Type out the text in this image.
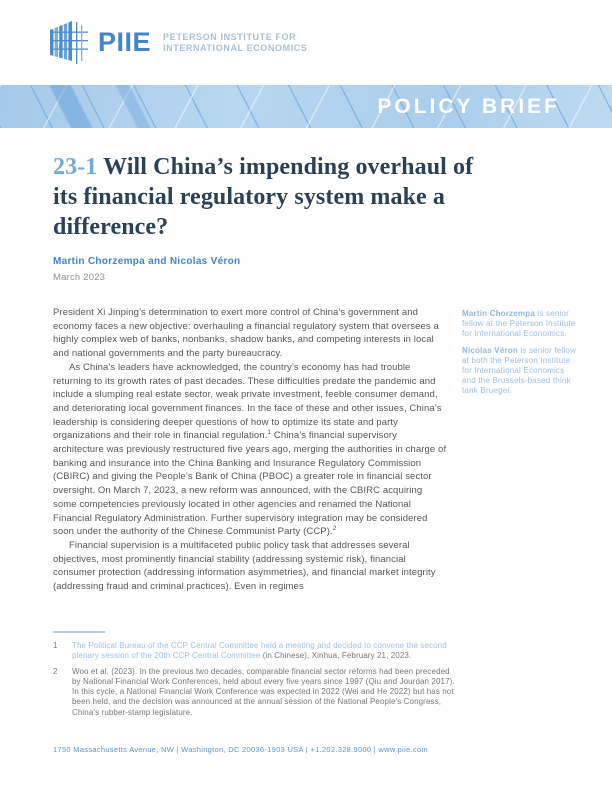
PIIE PETERSON INSTITUTE FOR
INTERNATIONAL ECONOMICS
POLICY BRIEF
23-1 Will China’s impending overhaul of its financial regulatory system make a difference?
Martin Chorzempa and Nicolas Véron
March 2023

President Xi Jinping’s determination to exert more control of China’s government and economy faces a new objective: overhauling a financial regulatory system that oversees a highly complex web of banks, nonbanks, shadow banks, and competing interests in local and national governments and the party bureaucracy.

As China’s leaders have acknowledged, the country’s economy has had trouble returning to its growth rates of past decades. These difficulties predate the pandemic and include a slumping real estate sector, weak private investment, feeble consumer demand, and deteriorating local government finances. In the face of these and other issues, China’s leadership is considering deeper questions of how to optimize its state and party organizations and their role in financial regulation.$^1$ China’s financial supervisory architecture was previously restructured five years ago, merging the authorities in charge of banking and insurance into the China Banking and Insurance Regulatory Commission (CBIRC) and giving the People’s Bank of China (PBOC) a greater role in financial sector oversight. On March 7, 2023, a new reform was announced, with the CBIRC acquiring some competencies previously located in other agencies and renamed the National Financial Regulatory Administration. Further supervisory integration may be considered soon under the authority of the Chinese Communist Party (CCP).$^2$

Financial supervision is a multifaceted public policy task that addresses several objectives, most prominently financial stability (addressing systemic risk), financial consumer protection (addressing information asymmetries), and financial market integrity (addressing fraud and criminal practices). Even in regimes

Martin Chorzempa is senior fellow at the Peterson Institute for International Economics.

Nicolas Véron is senior fellow at both the Peterson Institute for International Economics and the Brussels-based think tank Bruegel.

1	The Political Bureau of the CCP Central Committee held a meeting and decided to convene the second plenary session of the 20th CCP Central Committee (in Chinese), Xinhua, February 21, 2023.
2	Woo et al. (2023). In the previous two decades, comparable financial sector reforms had been preceded by National Financial Work Conferences, held about every five years since 1997 (Qiu and Jourdan 2017). In this cycle, a National Financial Work Conference was expected in 2022 (Wei and He 2022) but has not been held, and the decision was announced at the annual session of the National People’s Congress, China’s rubber-stamp legislature.
1750 Massachusetts Avenue, NW | Washington, DC 20036-1903 USA | +1.202.328.9000 | www.piie.com
